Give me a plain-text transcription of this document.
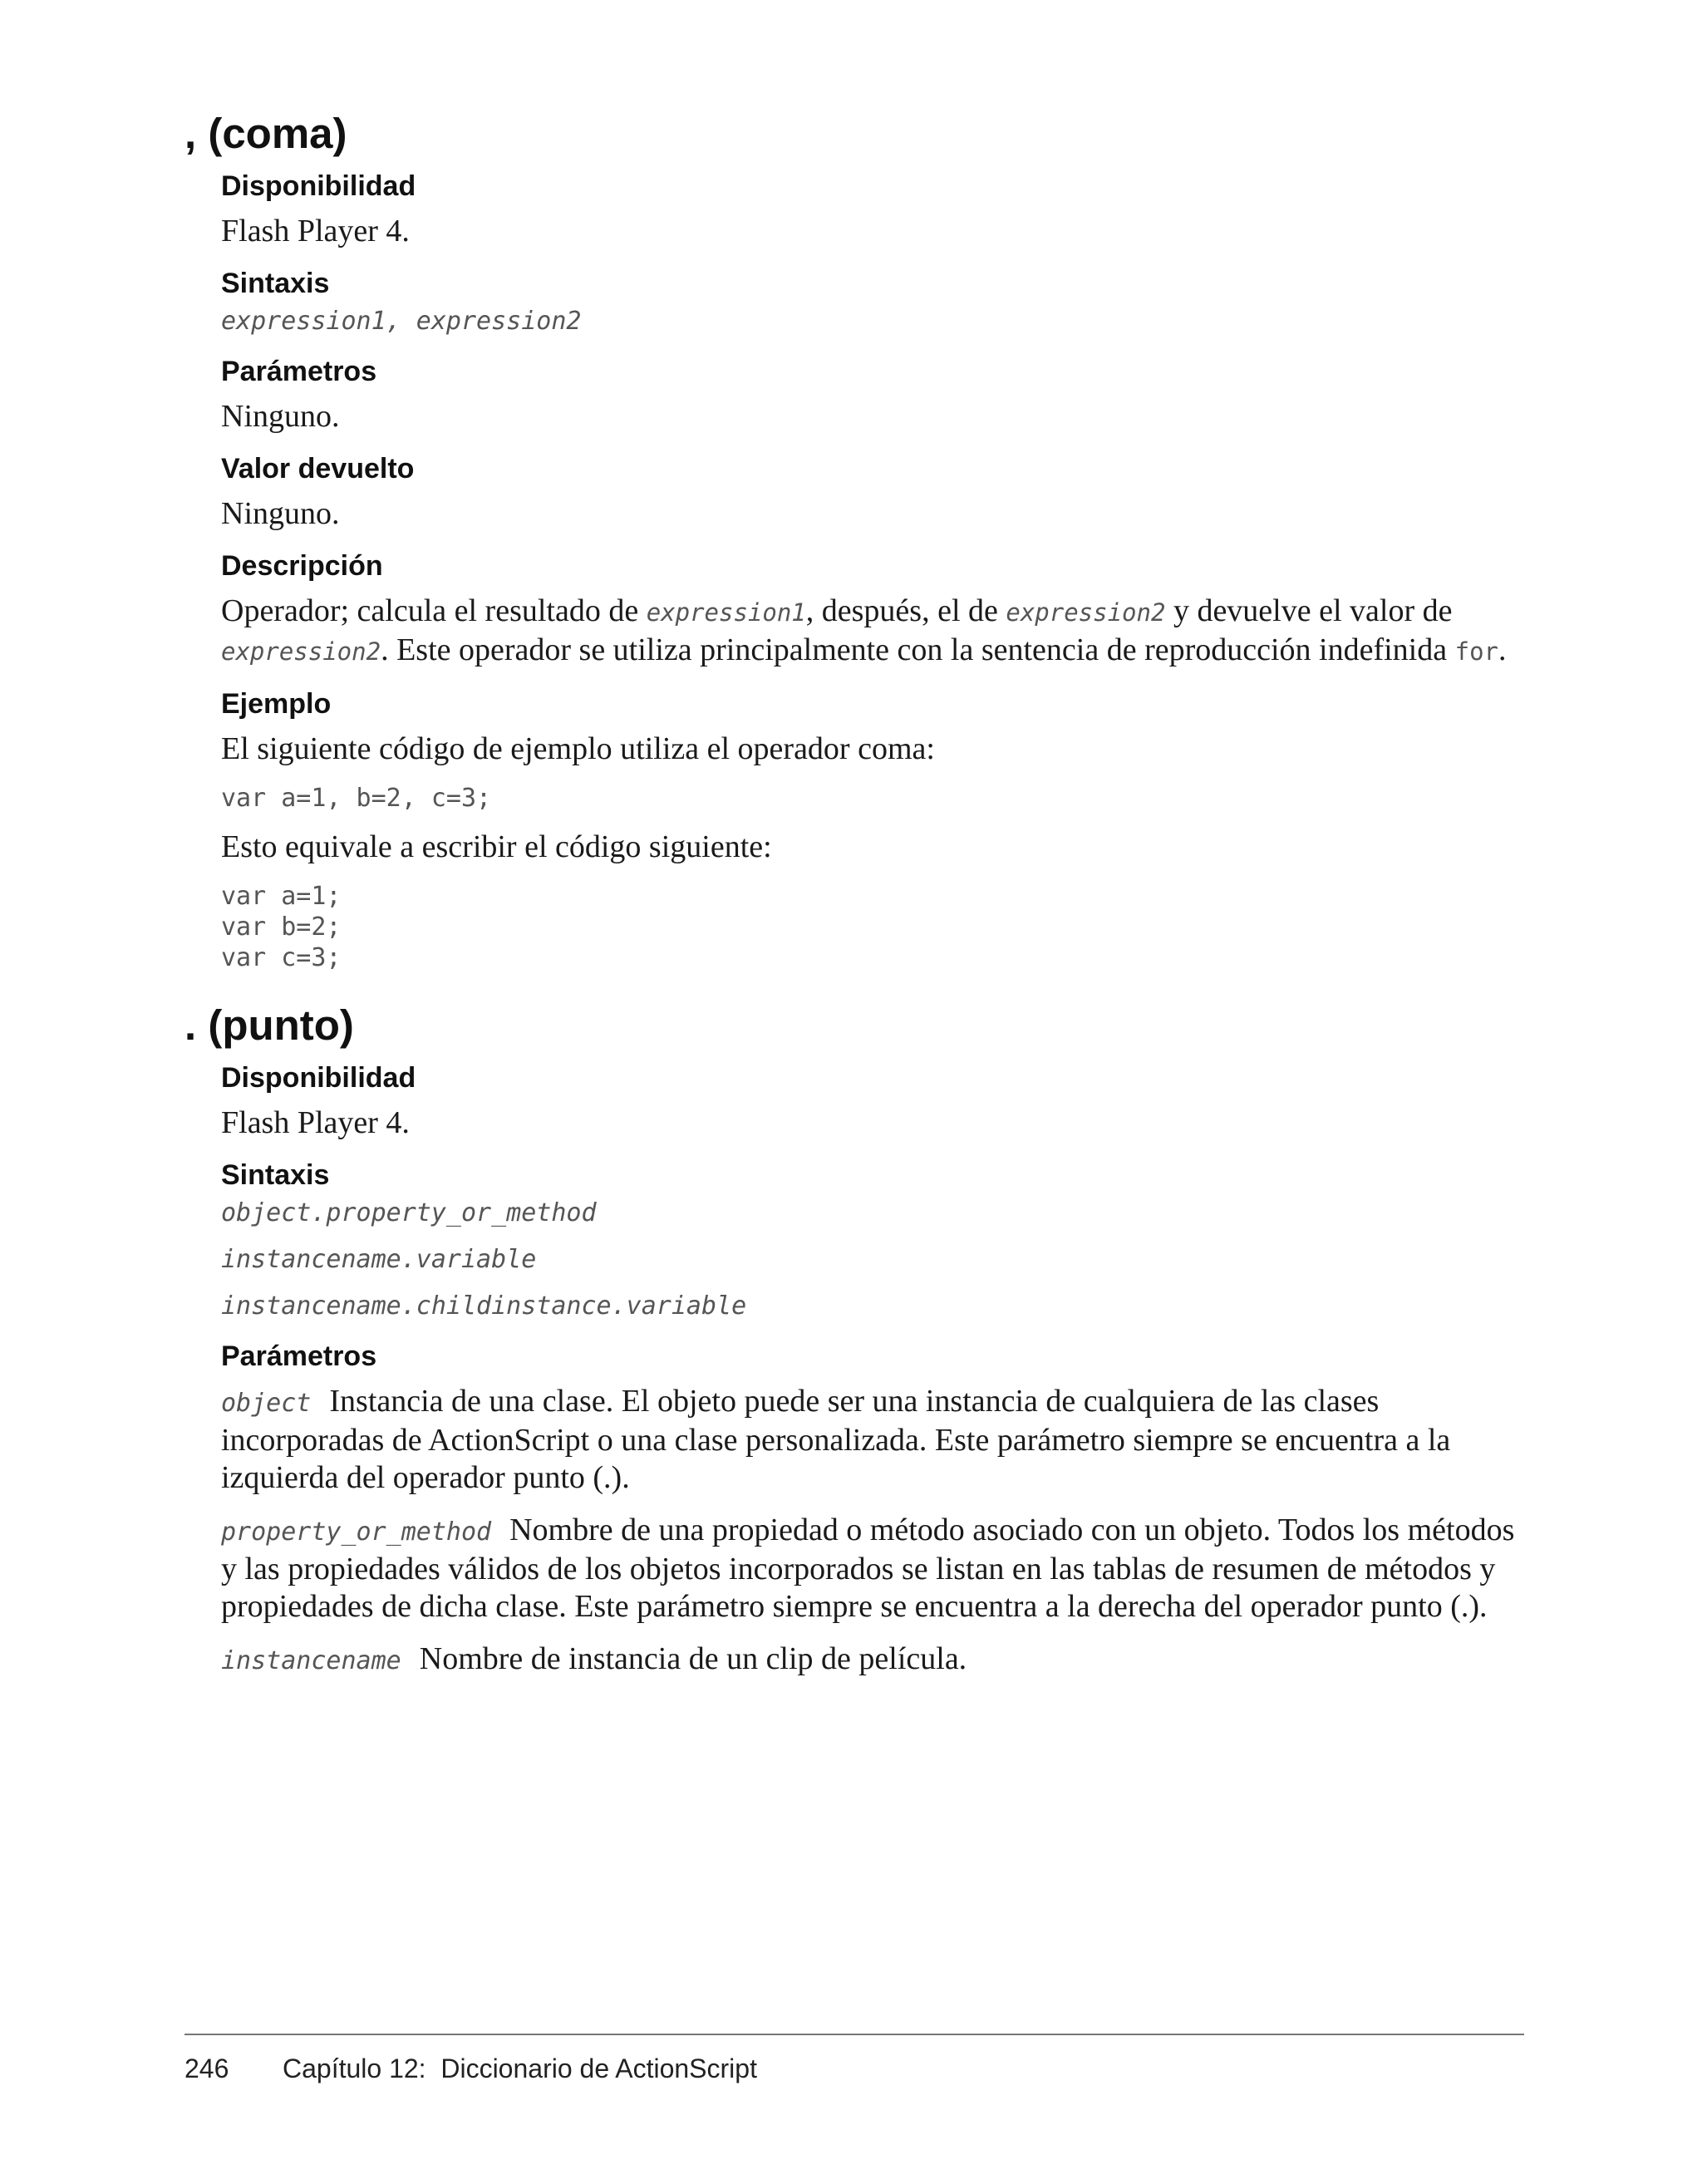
, (coma)
Disponibilidad

Flash Player 4.

Sintaxis
expression1, expression2
Parámetros

Ninguno.

Valor devuelto

Ninguno.

Descripción

Operador; calcula el resultado de expression1, después, el de expression2 y devuelve el valor de expression2. Este operador se utiliza principalmente con la sentencia de reproducción indefinida for.

Ejemplo

El siguiente código de ejemplo utiliza el operador coma:

var a=1, b=2, c=3;

Esto equivale a escribir el código siguiente:

var a=1;
var b=2;
var c=3;
. (punto)
Disponibilidad

Flash Player 4.

Sintaxis
object.property_or_method
instancename.variable
instancename.childinstance.variable
Parámetros

object Instancia de una clase. El objeto puede ser una instancia de cualquiera de las clases incorporadas de ActionScript o una clase personalizada. Este parámetro siempre se encuentra a la izquierda del operador punto (.).

property_or_method Nombre de una propiedad o método asociado con un objeto. Todos los métodos y las propiedades válidos de los objetos incorporados se listan en las tablas de resumen de métodos y propiedades de dicha clase. Este parámetro siempre se encuentra a la derecha del operador punto (.).

instancename Nombre de instancia de un clip de película.

246 Capítulo 12:  Diccionario de ActionScript
